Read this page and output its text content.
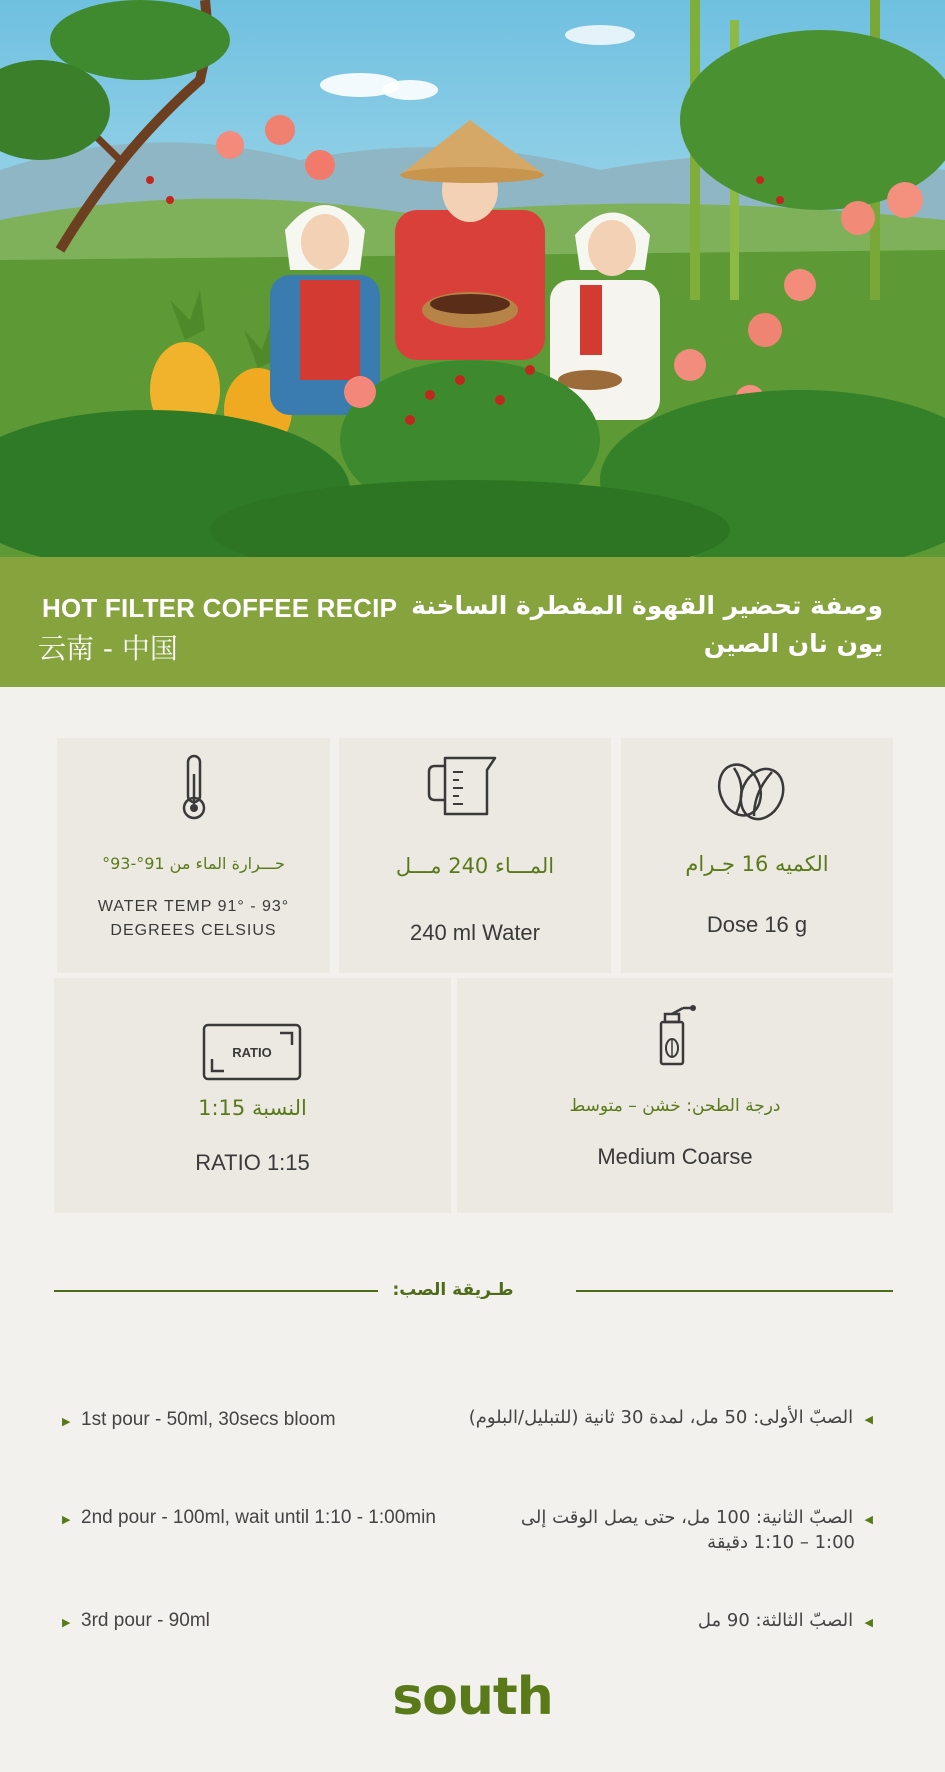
HOT FILTER COFFEE RECIP
云南 - 中国
وصفة تحضير القهوة المقطرة الساخنة
يون نان الصين
حـــرارة الماء من 91°-93°
WATER TEMP 91° - 93°
DEGREES CELSIUS
المـــاء 240 مـــل
240 ml Water
الكميه 16 جـرام
Dose 16 g
RATIO
النسبة 1:15
RATIO 1:15
درجة الطحن: خشن – متوسط
Medium Coarse
طـريقة الصب:
▶ 1st pour - 50ml, 30secs bloom	◀  الصبّ الأولى: 50 مل، لمدة 30 ثانية (للتبليل/البلوم)
▶ 2nd pour - 100ml, wait until 1:10 - 1:00min	◀  الصبّ الثانية: 100 مل، حتى يصل الوقت إلى
1:00 – 1:10 دقيقة
▶ 3rd pour - 90ml	◀  الصبّ الثالثة: 90 مل
south
